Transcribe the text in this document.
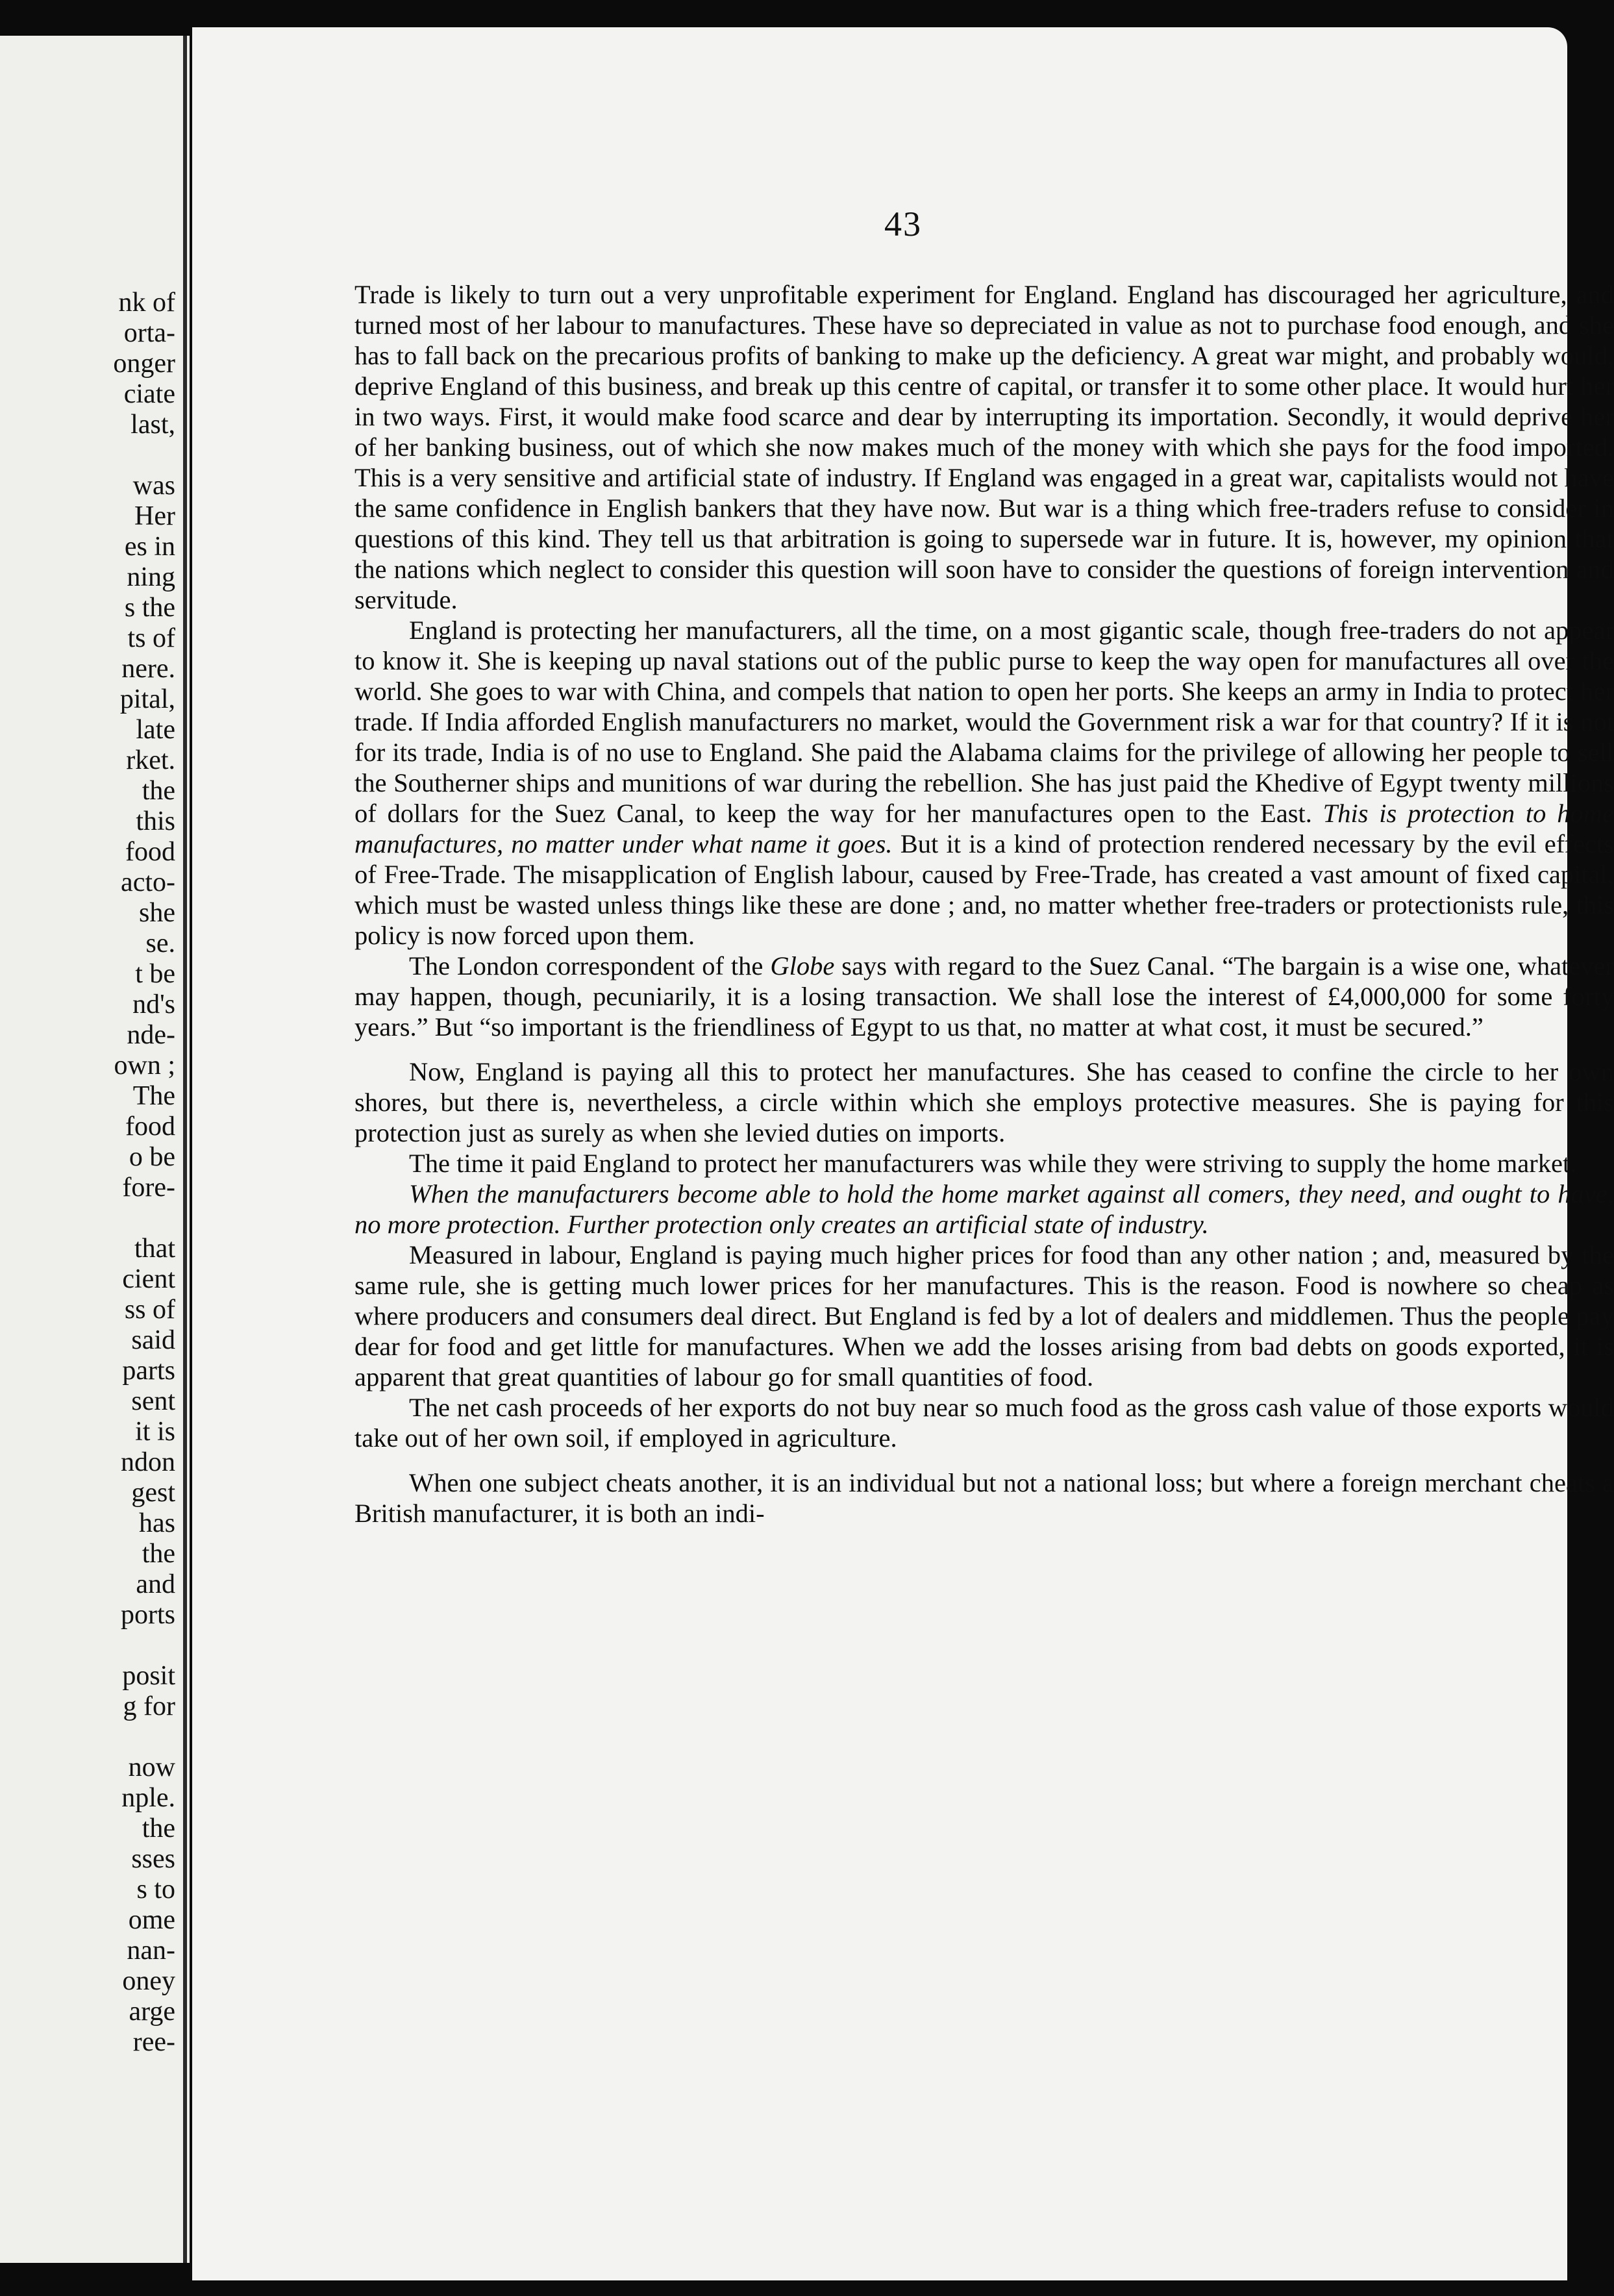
nk of
orta-
onger
ciate
last,
was
Her
es in
ning
s the
ts of
nere.
pital,
late
rket.
the
this
food
acto-
she
se.
t be
nd's
nde-
own ;
The
food
o be
fore-
that
cient
ss of
said
parts
sent
it is
ndon
gest
has
the
and
ports
posit
g for
now
nple.
the
sses
s to
ome
nan-
oney
arge
ree-
43

Trade is likely to turn out a very unprofitable experiment for England. England has discouraged her agriculture, and turned most of her labour to manufactures. These have so depreciated in value as not to purchase food enough, and she has to fall back on the precarious profits of banking to make up the deficiency. A great war might, and probably would, deprive England of this business, and break up this centre of capital, or transfer it to some other place. It would hurt her in two ways. First, it would make food scarce and dear by interrupting its importation. Secondly, it would deprive her of her banking business, out of which she now makes much of the money with which she pays for the food imported. This is a very sensitive and artificial state of industry. If England was engaged in a great war, capitalists would not have the same confidence in English bankers that they have now. But war is a thing which free-traders refuse to consider in questions of this kind. They tell us that arbitration is going to supersede war in future. It is, however, my opinion that the nations which neglect to consider this question will soon have to consider the questions of foreign intervention and servitude.

England is protecting her manufacturers, all the time, on a most gigantic scale, though free-traders do not appear to know it. She is keeping up naval stations out of the public purse to keep the way open for manufactures all over the world. She goes to war with China, and compels that nation to open her ports. She keeps an army in India to protect her trade. If India afforded English manufacturers no market, would the Government risk a war for that country? If it is not for its trade, India is of no use to England. She paid the Alabama claims for the privilege of allowing her people to sell the Southerner ships and munitions of war during the rebellion. She has just paid the Khedive of Egypt twenty millions of dollars for the Suez Canal, to keep the way for her manufactures open to the East. This is protection to home manufactures, no matter under what name it goes. But it is a kind of protection rendered necessary by the evil effects of Free-Trade. The misapplication of English labour, caused by Free-Trade, has created a vast amount of fixed capital, which must be wasted unless things like these are done ; and, no matter whether free-traders or protectionists rule, this policy is now forced upon them.

The London correspondent of the Globe says with regard to the Suez Canal. “The bargain is a wise one, whatever may happen, though, pecuniarily, it is a losing transaction. We shall lose the interest of £4,000,000 for some forty years.” But “so important is the friendliness of Egypt to us that, no matter at what cost, it must be secured.”

Now, England is paying all this to protect her manufactures. She has ceased to confine the circle to her own shores, but there is, nevertheless, a circle within which she employs protective measures. She is paying for this protection just as surely as when she levied duties on imports.

The time it paid England to protect her manufacturers was while they were striving to supply the home market.

When the manufacturers become able to hold the home market against all comers, they need, and ought to have, no more protection. Further protection only creates an artificial state of industry.

Measured in labour, England is paying much higher prices for food than any other nation ; and, measured by the same rule, she is getting much lower prices for her manufactures. This is the reason. Food is nowhere so cheap as where producers and consumers deal direct. But England is fed by a lot of dealers and middlemen. Thus the people pay dear for food and get little for manufactures. When we add the losses arising from bad debts on goods exported, it is apparent that great quantities of labour go for small quantities of food.

The net cash proceeds of her exports do not buy near so much food as the gross cash value of those exports would take out of her own soil, if employed in agriculture.

When one subject cheats another, it is an individual but not a national loss; but where a foreign merchant cheats a British manufacturer, it is both an indi-
